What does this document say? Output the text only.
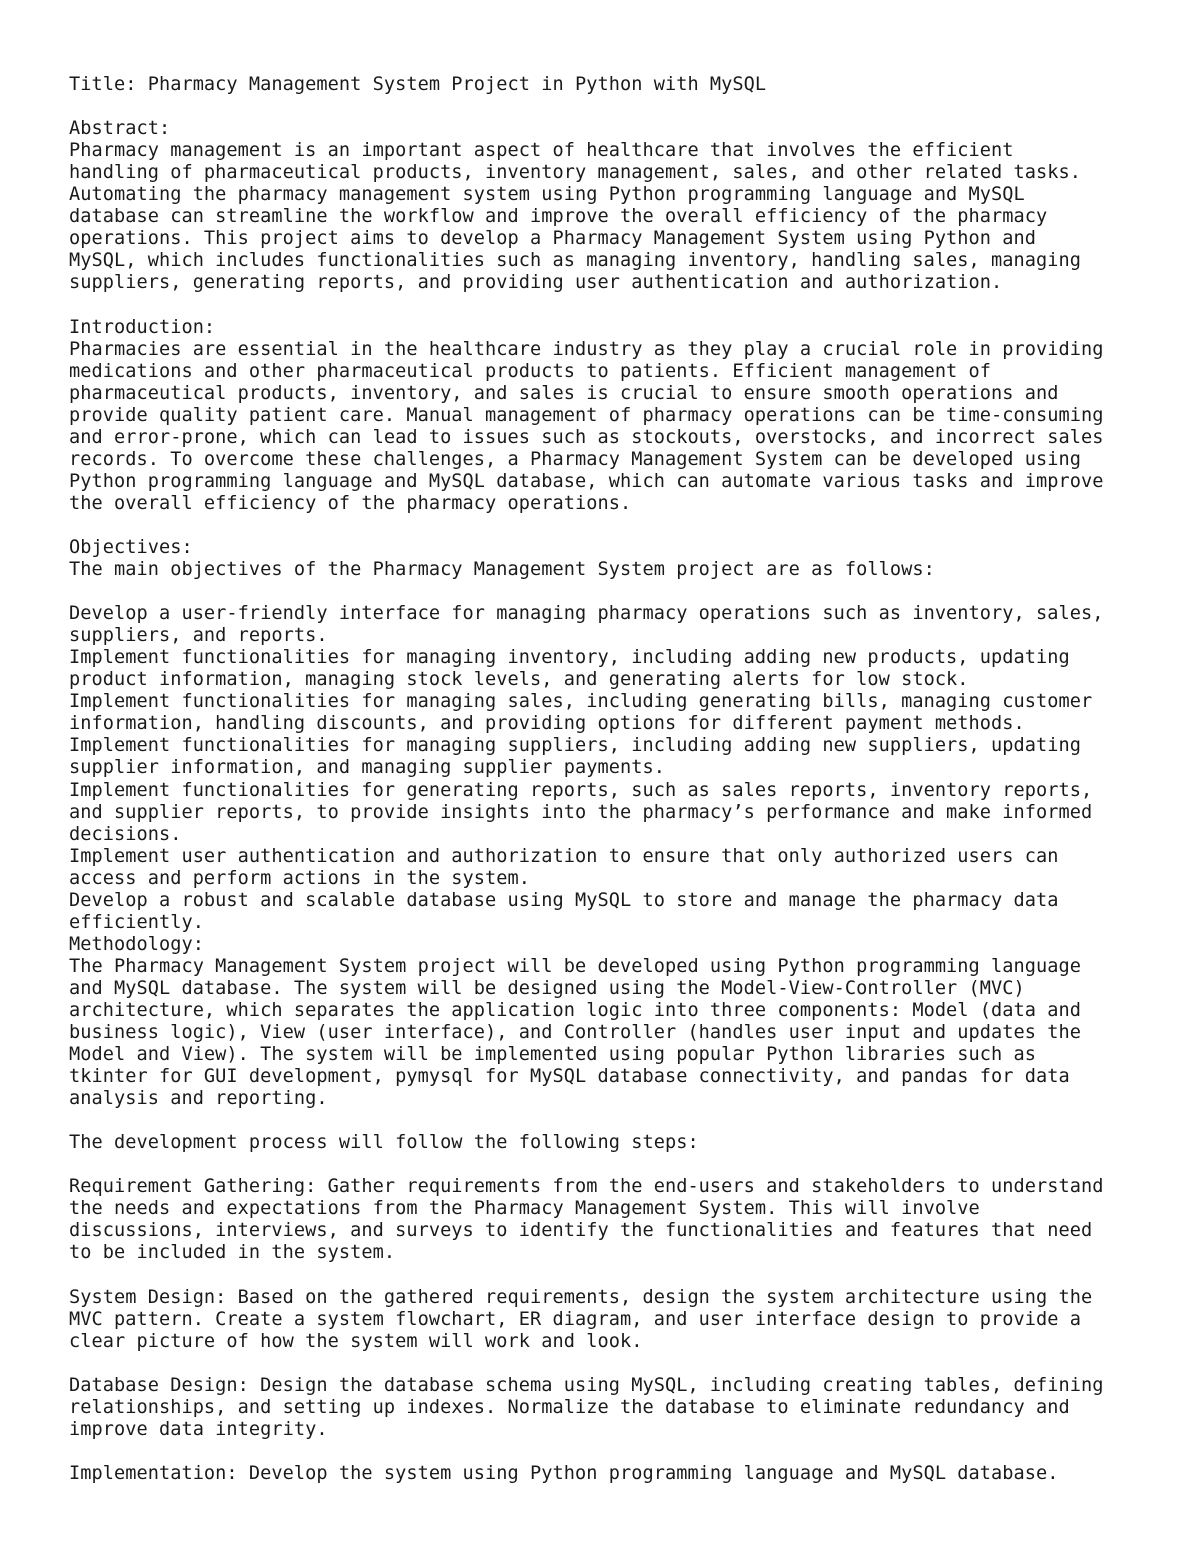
Title: Pharmacy Management System Project in Python with MySQL
Abstract:
Pharmacy management is an important aspect of healthcare that involves the efficient
handling of pharmaceutical products, inventory management, sales, and other related tasks.
Automating the pharmacy management system using Python programming language and MySQL
database can streamline the workflow and improve the overall efficiency of the pharmacy
operations. This project aims to develop a Pharmacy Management System using Python and
MySQL, which includes functionalities such as managing inventory, handling sales, managing
suppliers, generating reports, and providing user authentication and authorization.
Introduction:
Pharmacies are essential in the healthcare industry as they play a crucial role in providing
medications and other pharmaceutical products to patients. Efficient management of
pharmaceutical products, inventory, and sales is crucial to ensure smooth operations and
provide quality patient care. Manual management of pharmacy operations can be time-consuming
and error-prone, which can lead to issues such as stockouts, overstocks, and incorrect sales
records. To overcome these challenges, a Pharmacy Management System can be developed using
Python programming language and MySQL database, which can automate various tasks and improve
the overall efficiency of the pharmacy operations.
Objectives:
The main objectives of the Pharmacy Management System project are as follows:
Develop a user-friendly interface for managing pharmacy operations such as inventory, sales,
suppliers, and reports.
Implement functionalities for managing inventory, including adding new products, updating
product information, managing stock levels, and generating alerts for low stock.
Implement functionalities for managing sales, including generating bills, managing customer
information, handling discounts, and providing options for different payment methods.
Implement functionalities for managing suppliers, including adding new suppliers, updating
supplier information, and managing supplier payments.
Implement functionalities for generating reports, such as sales reports, inventory reports,
and supplier reports, to provide insights into the pharmacy’s performance and make informed
decisions.
Implement user authentication and authorization to ensure that only authorized users can
access and perform actions in the system.
Develop a robust and scalable database using MySQL to store and manage the pharmacy data
efficiently.
Methodology:
The Pharmacy Management System project will be developed using Python programming language
and MySQL database. The system will be designed using the Model-View-Controller (MVC)
architecture, which separates the application logic into three components: Model (data and
business logic), View (user interface), and Controller (handles user input and updates the
Model and View). The system will be implemented using popular Python libraries such as
tkinter for GUI development, pymysql for MySQL database connectivity, and pandas for data
analysis and reporting.
The development process will follow the following steps:
Requirement Gathering: Gather requirements from the end-users and stakeholders to understand
the needs and expectations from the Pharmacy Management System. This will involve
discussions, interviews, and surveys to identify the functionalities and features that need
to be included in the system.
System Design: Based on the gathered requirements, design the system architecture using the
MVC pattern. Create a system flowchart, ER diagram, and user interface design to provide a
clear picture of how the system will work and look.
Database Design: Design the database schema using MySQL, including creating tables, defining
relationships, and setting up indexes. Normalize the database to eliminate redundancy and
improve data integrity.
Implementation: Develop the system using Python programming language and MySQL database.
